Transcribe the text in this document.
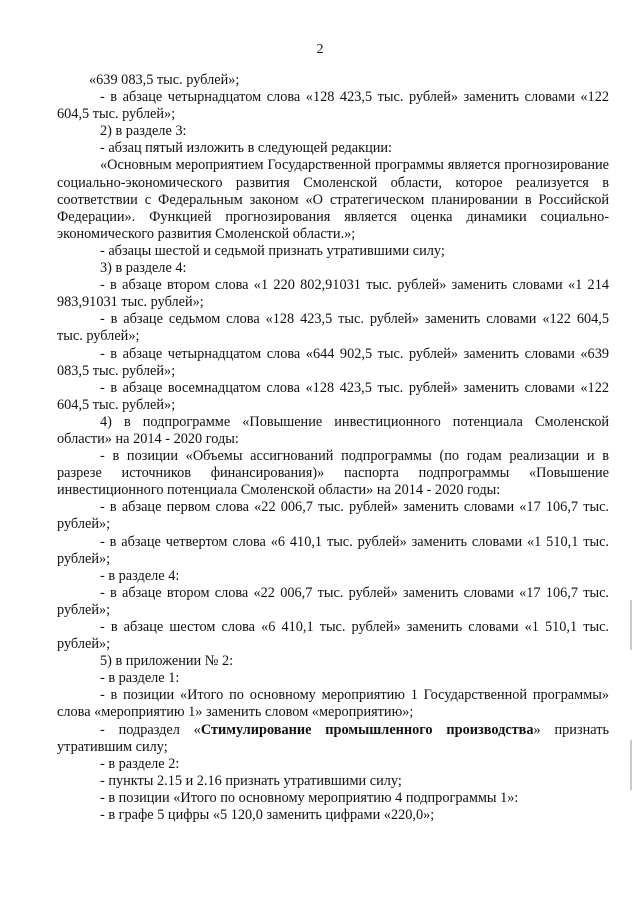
2

«639 083,5 тыс. рублей»;

- в абзаце четырнадцатом слова «128 423,5 тыс. рублей» заменить словами «122 604,5 тыс. рублей»;

2) в разделе 3:

- абзац пятый изложить в следующей редакции:

«Основным мероприятием Государственной программы является прогнозирование социально-экономического развития Смоленской области, которое реализуется в соответствии с Федеральным законом «О стратегическом планировании в Российской Федерации». Функцией прогнозирования является оценка динамики социально-экономического развития Смоленской области.»;

- абзацы шестой и седьмой признать утратившими силу;

3) в разделе 4:

- в абзаце втором слова «1 220 802,91031 тыс. рублей» заменить словами «1 214 983,91031 тыс. рублей»;

- в абзаце седьмом слова «128 423,5 тыс. рублей» заменить словами «122 604,5 тыс. рублей»;

- в абзаце четырнадцатом слова «644 902,5 тыс. рублей» заменить словами «639 083,5 тыс. рублей»;

- в абзаце восемнадцатом слова «128 423,5 тыс. рублей» заменить словами «122 604,5 тыс. рублей»;

4) в подпрограмме «Повышение инвестиционного потенциала Смоленской области» на 2014 - 2020 годы:

- в позиции «Объемы ассигнований подпрограммы (по годам реализации и в разрезе источников финансирования)» паспорта подпрограммы «Повышение инвестиционного потенциала Смоленской области» на 2014 - 2020 годы:

- в абзаце первом слова «22 006,7 тыс. рублей» заменить словами «17 106,7 тыс. рублей»;

- в абзаце четвертом слова «6 410,1 тыс. рублей» заменить словами «1 510,1 тыс. рублей»;

- в разделе 4:

- в абзаце втором слова «22 006,7 тыс. рублей» заменить словами «17 106,7 тыс. рублей»;

- в абзаце шестом слова «6 410,1 тыс. рублей» заменить словами «1 510,1 тыс. рублей»;

5) в приложении № 2:

- в разделе 1:

- в позиции «Итого по основному мероприятию 1 Государственной программы» слова «мероприятию 1» заменить словом «мероприятию»;

- подраздел «Стимулирование промышленного производства» признать утратившим силу;

- в разделе 2:

- пункты 2.15 и 2.16 признать утратившими силу;

- в позиции «Итого по основному мероприятию 4 подпрограммы 1»:

- в графе 5 цифры «5 120,0 заменить цифрами «220,0»;
